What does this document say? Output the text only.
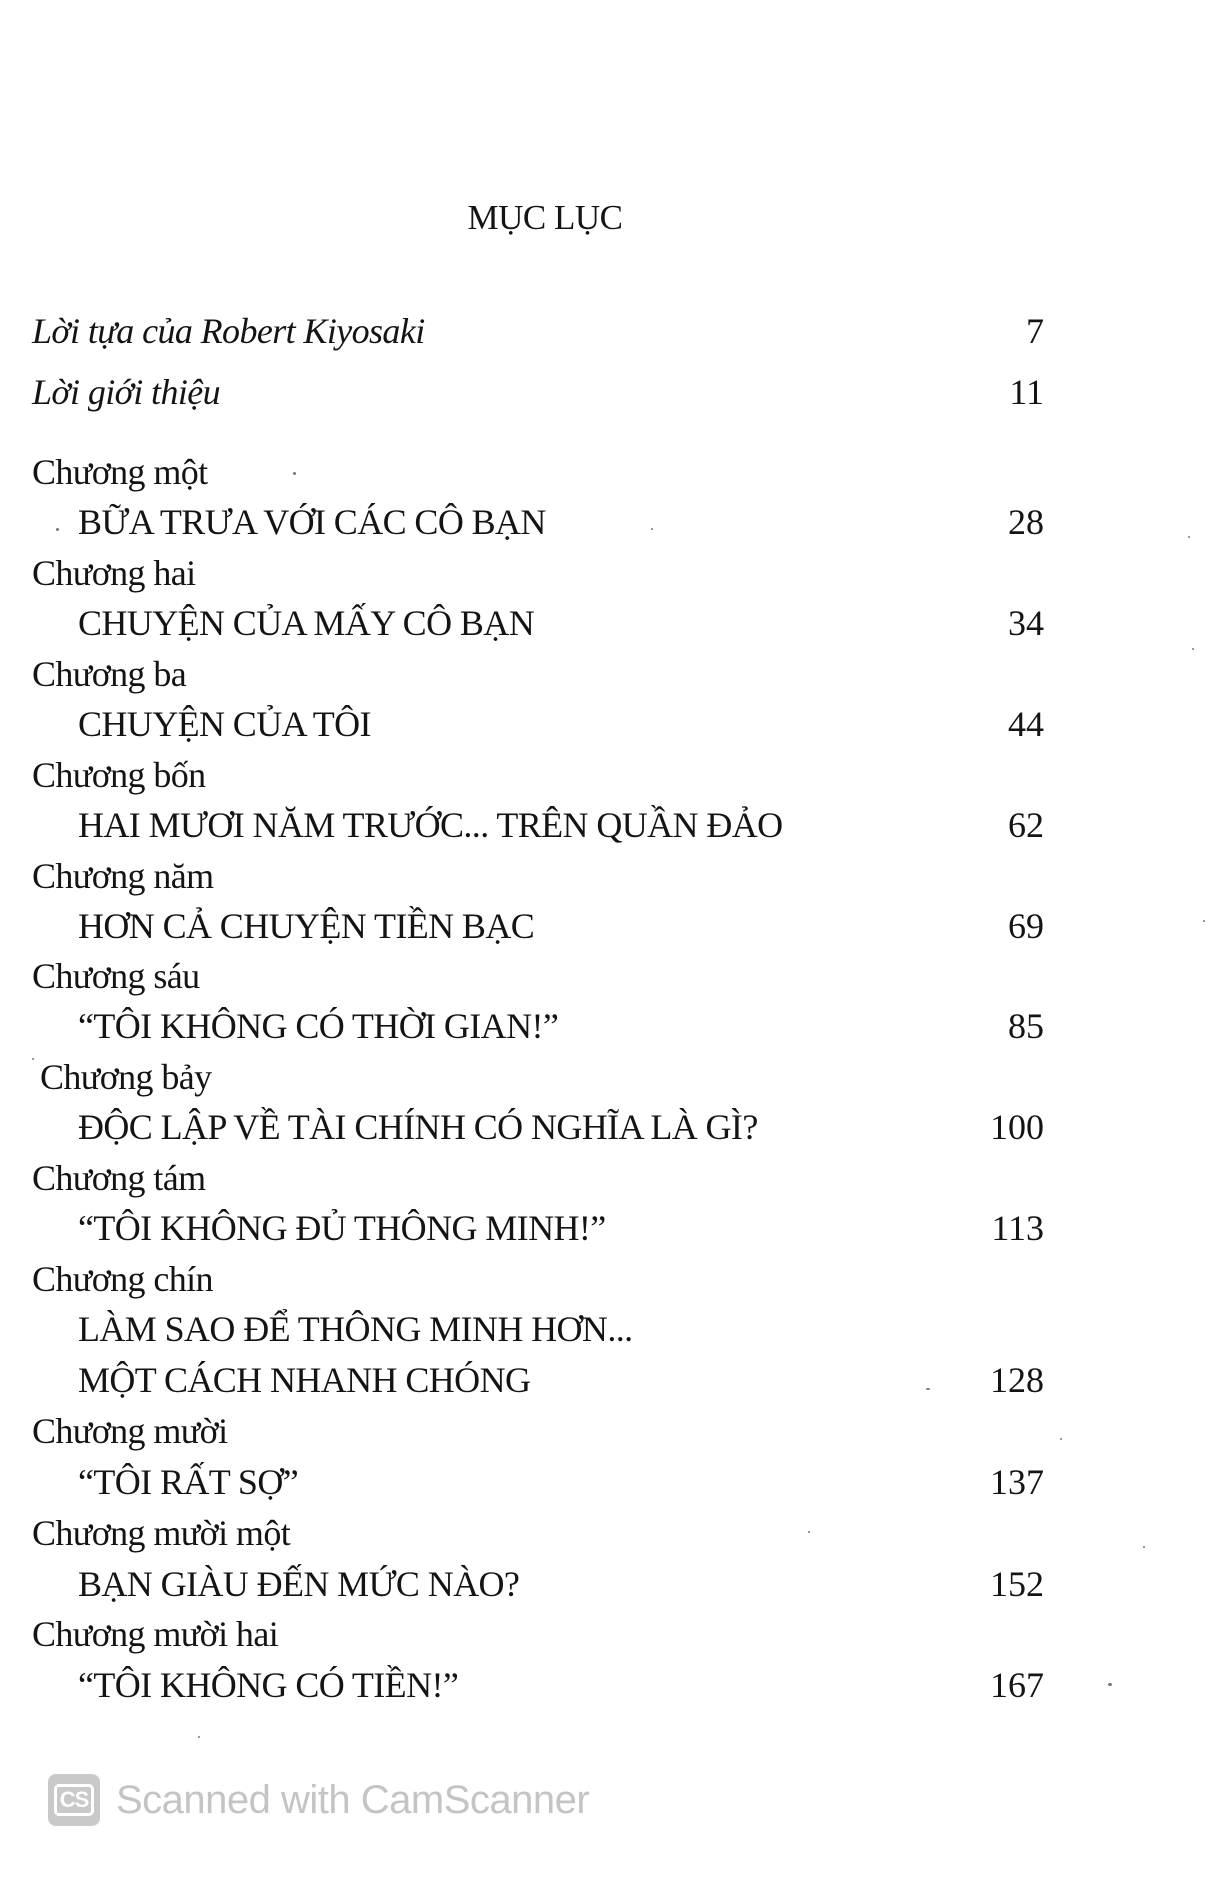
MỤC LỤC
Lời tựa của Robert Kiyosaki	7
Lời giới thiệu	11
Chương một
BỮA TRƯA VỚI CÁC CÔ BẠN	28
Chương hai
CHUYỆN CỦA MẤY CÔ BẠN	34
Chương ba
CHUYỆN CỦA TÔI	44
Chương bốn
HAI MƯƠI NĂM TRƯỚC... TRÊN QUẦN ĐẢO	62
Chương năm
HƠN CẢ CHUYỆN TIỀN BẠC	69
Chương sáu
“TÔI KHÔNG CÓ THỜI GIAN!”	85
Chương bảy
ĐỘC LẬP VỀ TÀI CHÍNH CÓ NGHĨA LÀ GÌ?	100
Chương tám
“TÔI KHÔNG ĐỦ THÔNG MINH!”	113
Chương chín
LÀM SAO ĐỂ THÔNG MINH HƠN...
MỘT CÁCH NHANH CHÓNG	128
Chương mười
“TÔI RẤT SỢ”	137
Chương mười một
BẠN GIÀU ĐẾN MỨC NÀO?	152
Chương mười hai
“TÔI KHÔNG CÓ TIỀN!”	167
CS Scanned with CamScanner
